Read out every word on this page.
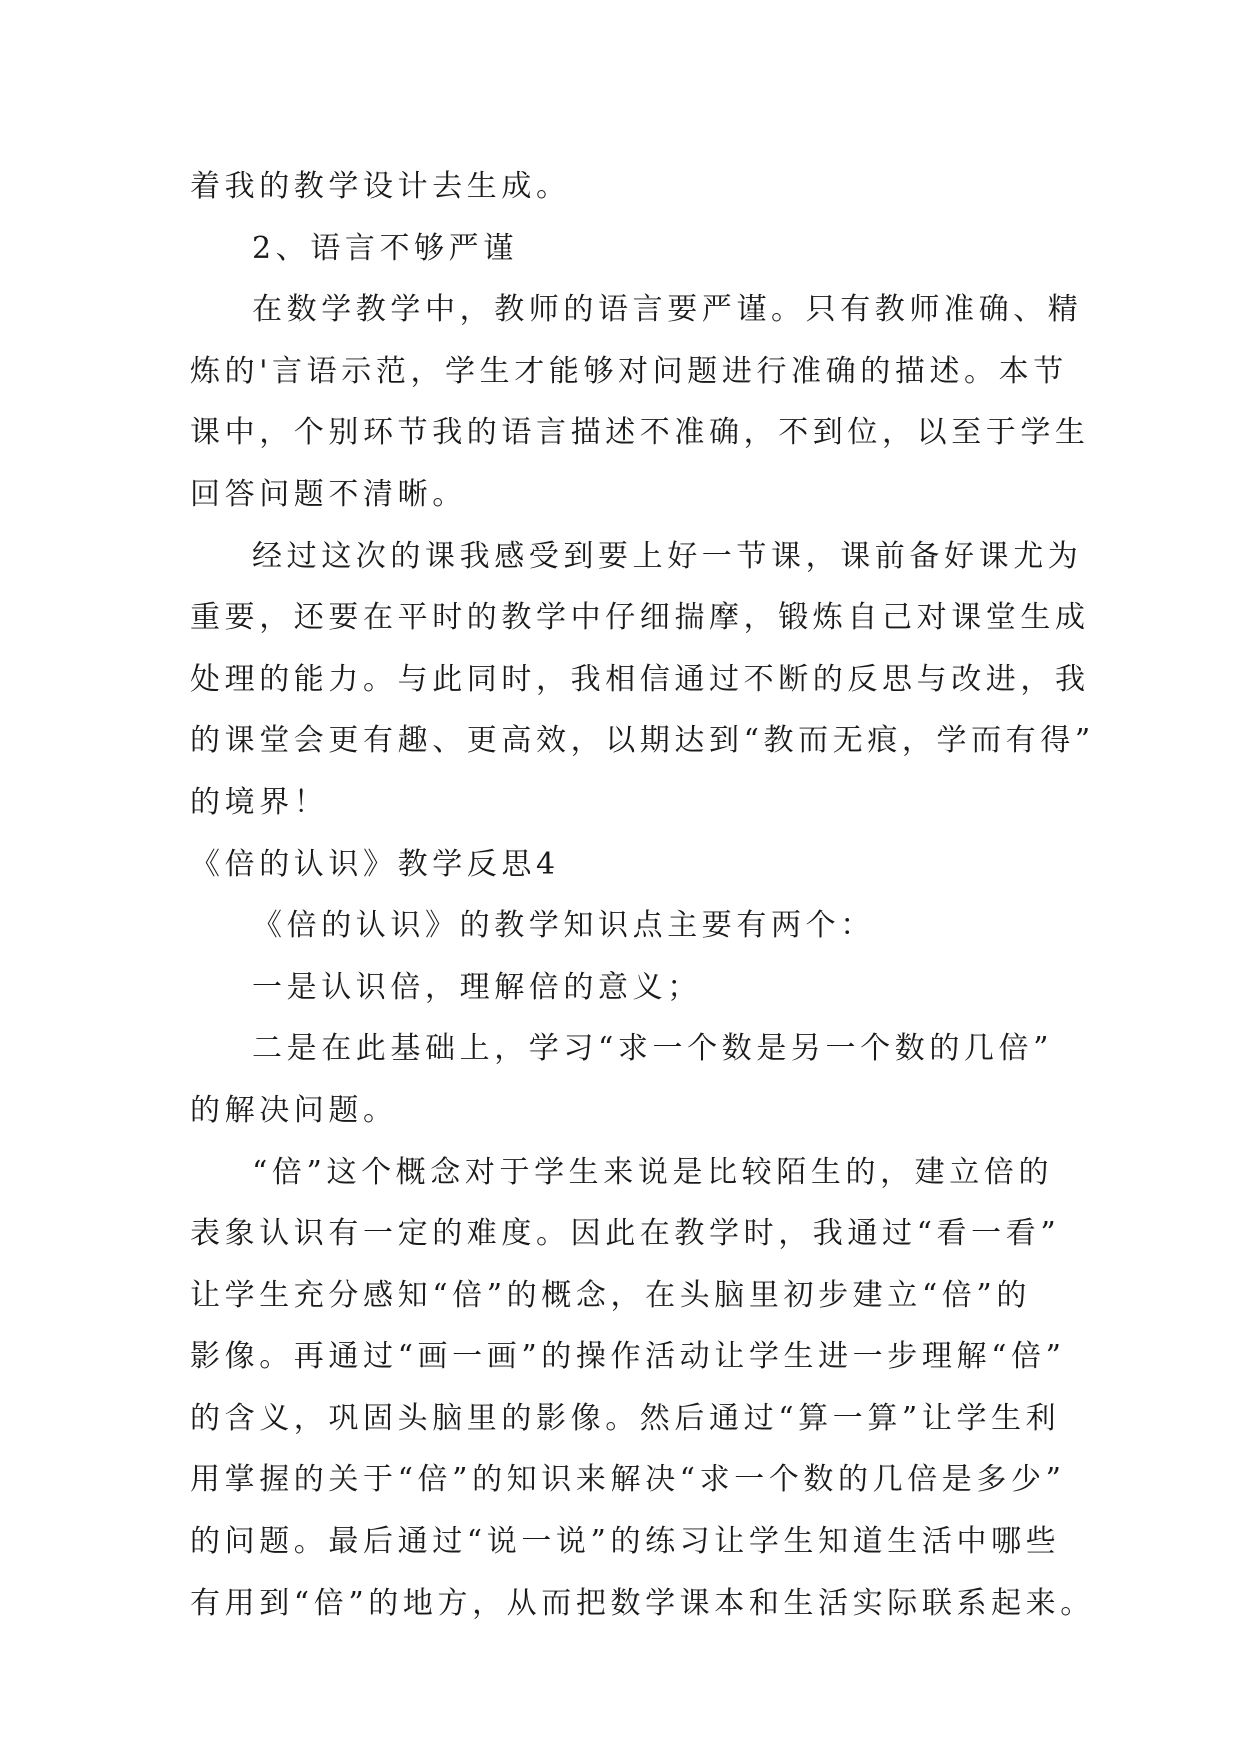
着我的教学设计去生成。
2、语言不够严谨
在数学教学中，教师的语言要严谨。只有教师准确、精
炼的'言语示范，学生才能够对问题进行准确的描述。本节
课中，个别环节我的语言描述不准确，不到位，以至于学生
回答问题不清晰。
经过这次的课我感受到要上好一节课，课前备好课尤为
重要，还要在平时的教学中仔细揣摩，锻炼自己对课堂生成
处理的能力。与此同时，我相信通过不断的反思与改进，我
的课堂会更有趣、更高效，以期达到“教而无痕，学而有得”
的境界！
《倍的认识》教学反思4
《倍的认识》的教学知识点主要有两个：
一是认识倍，理解倍的意义；
二是在此基础上，学习“求一个数是另一个数的几倍”
的解决问题。
“倍”这个概念对于学生来说是比较陌生的，建立倍的
表象认识有一定的难度。因此在教学时，我通过“看一看”
让学生充分感知“倍”的概念，在头脑里初步建立“倍”的
影像。再通过“画一画”的操作活动让学生进一步理解“倍”
的含义，巩固头脑里的影像。然后通过“算一算”让学生利
用掌握的关于“倍”的知识来解决“求一个数的几倍是多少”
的问题。最后通过“说一说”的练习让学生知道生活中哪些
有用到“倍”的地方，从而把数学课本和生活实际联系起来。
